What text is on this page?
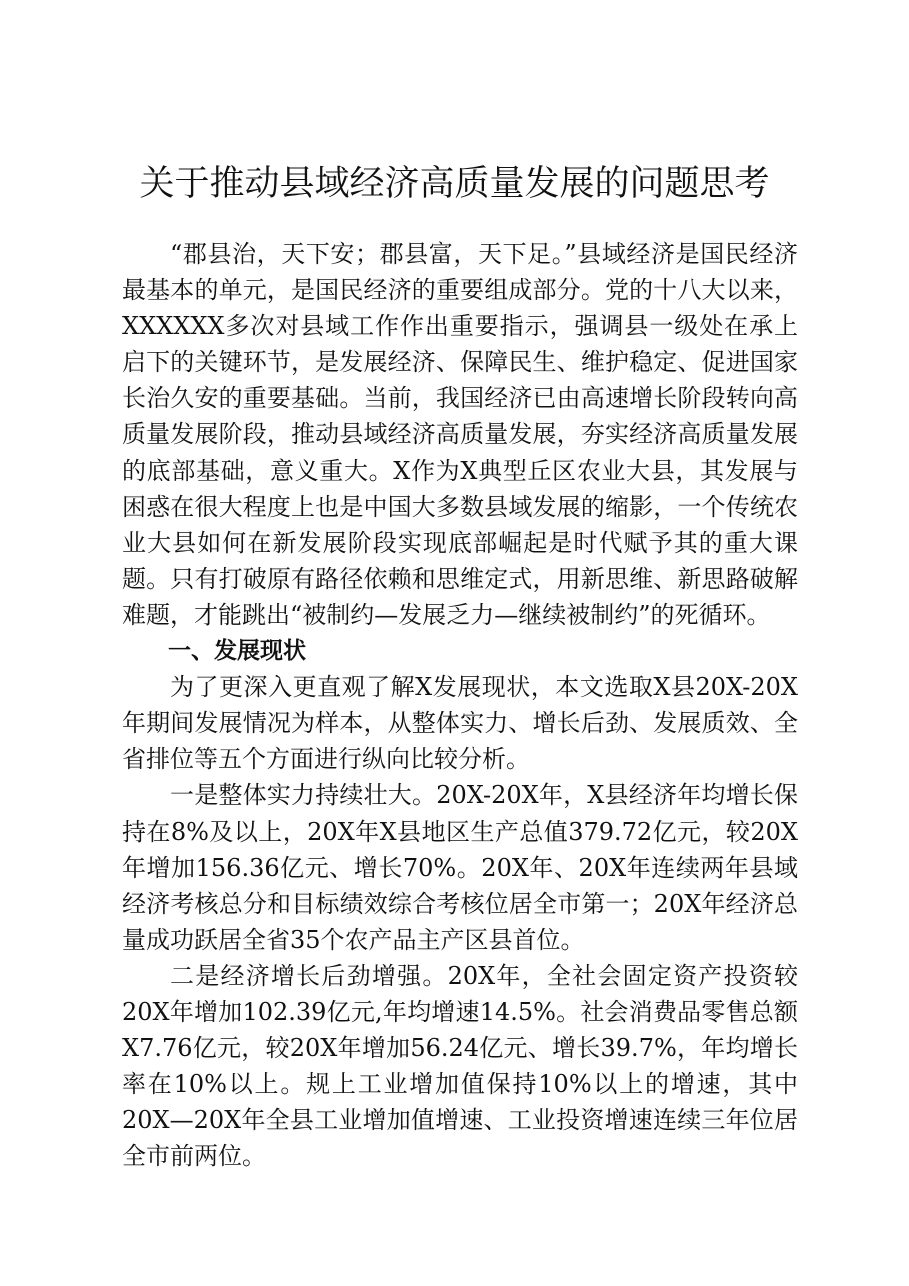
关于推动县域经济高质量发展的问题思考

“郡县治，天下安；郡县富，天下足。”县域经济是国民经济最基本的单元，是国民经济的重要组成部分。党的十八大以来，XXXXXX多次对县域工作作出重要指示，强调县一级处在承上启下的关键环节，是发展经济、保障民生、维护稳定、促进国家长治久安的重要基础。当前，我国经济已由高速增长阶段转向高质量发展阶段，推动县域经济高质量发展，夯实经济高质量发展的底部基础，意义重大。X作为X典型丘区农业大县，其发展与困惑在很大程度上也是中国大多数县域发展的缩影，一个传统农业大县如何在新发展阶段实现底部崛起是时代赋予其的重大课题。只有打破原有路径依赖和思维定式，用新思维、新思路破解难题，才能跳出“被制约—发展乏力—继续被制约”的死循环。

一、发展现状

为了更深入更直观了解X发展现状，本文选取X县20X-20X年期间发展情况为样本，从整体实力、增长后劲、发展质效、全省排位等五个方面进行纵向比较分析。

一是整体实力持续壮大。20X-20X年，X县经济年均增长保持在8%及以上，20X年X县地区生产总值379.72亿元，较20X年增加156.36亿元、增长70%。20X年、20X年连续两年县域经济考核总分和目标绩效综合考核位居全市第一；20X年经济总量成功跃居全省35个农产品主产区县首位。

二是经济增长后劲增强。20X年，全社会固定资产投资较20X年增加102.39亿元,年均增速14.5%。社会消费品零售总额X7.76亿元，较20X年增加56.24亿元、增长39.7%，年均增长率在10%以上。规上工业增加值保持10%以上的增速，其中20X—20X年全县工业增加值增速、工业投资增速连续三年位居全市前两位。
